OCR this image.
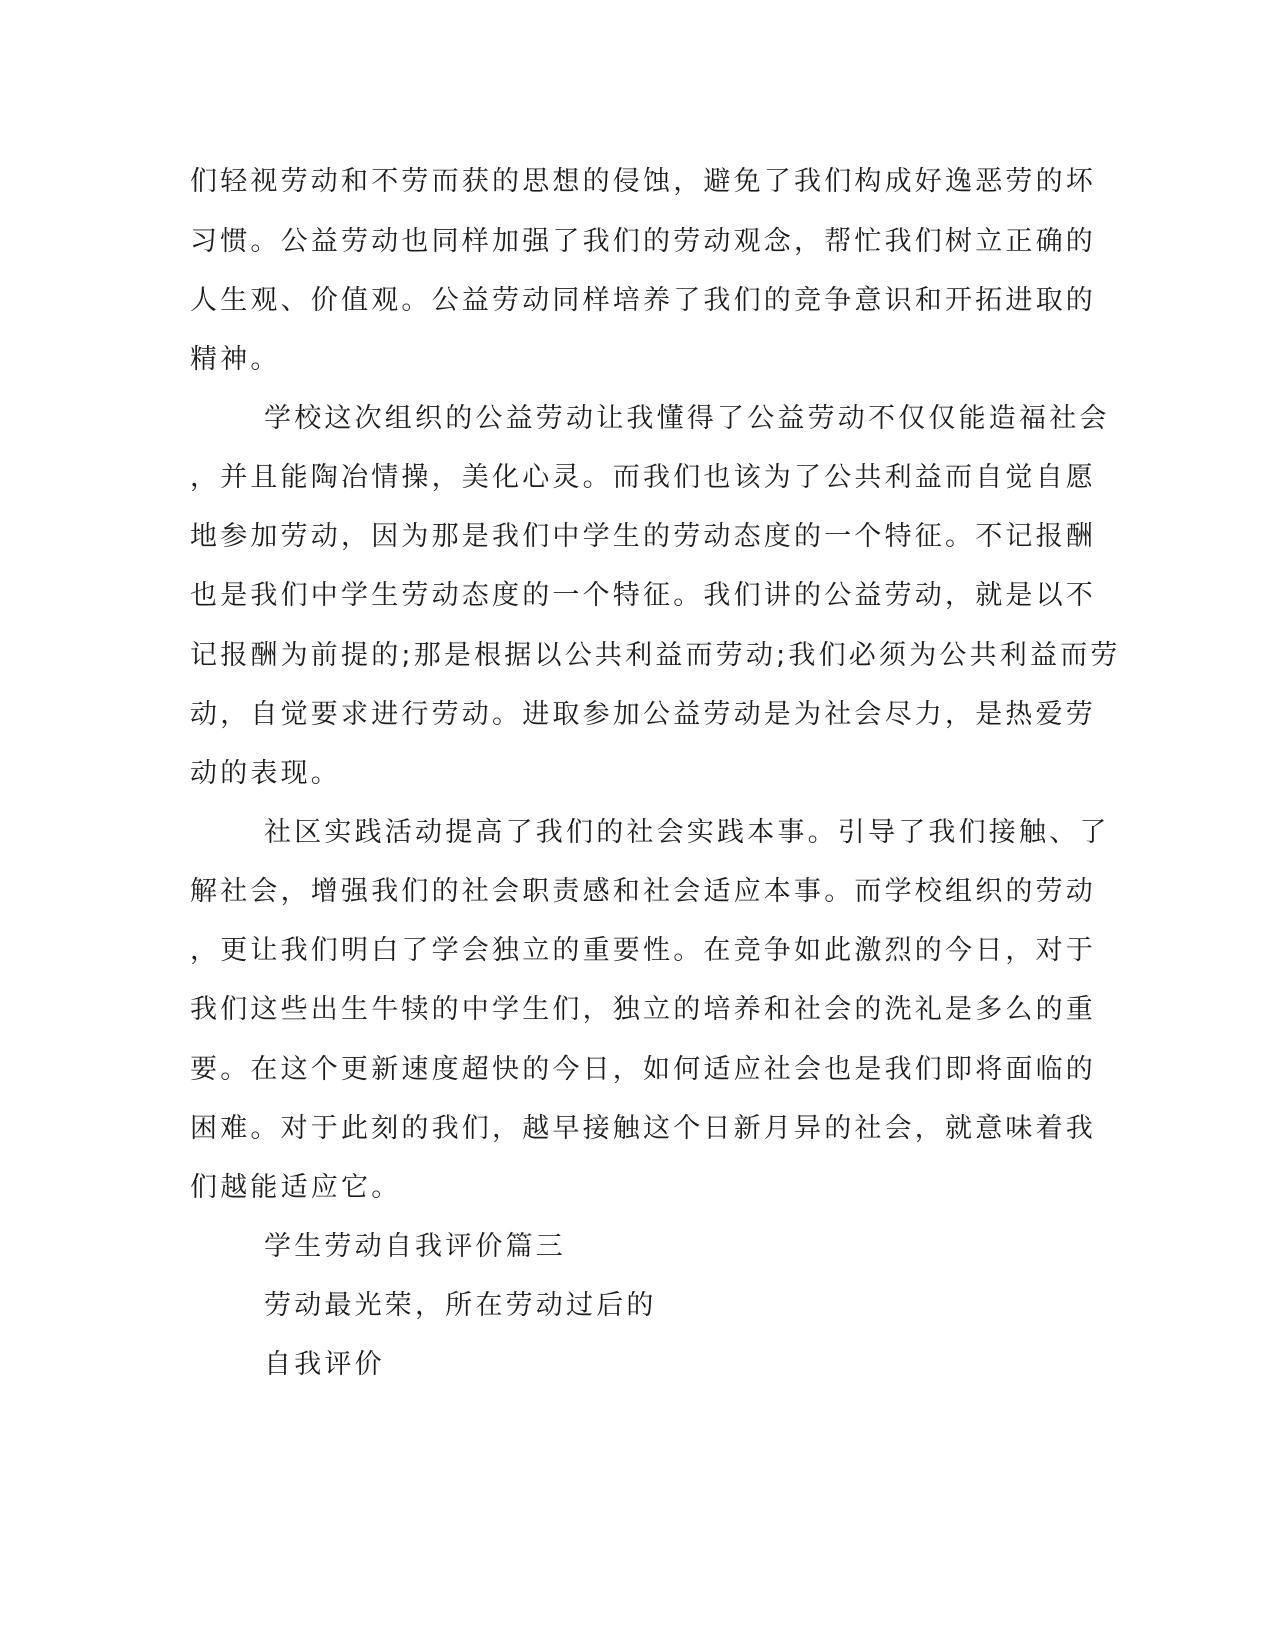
们轻视劳动和不劳而获的思想的侵蚀，避免了我们构成好逸恶劳的坏
习惯。公益劳动也同样加强了我们的劳动观念，帮忙我们树立正确的
人生观、价值观。公益劳动同样培养了我们的竞争意识和开拓进取的
精神。
学校这次组织的公益劳动让我懂得了公益劳动不仅仅能造福社会
，并且能陶冶情操，美化心灵。而我们也该为了公共利益而自觉自愿
地参加劳动，因为那是我们中学生的劳动态度的一个特征。不记报酬
也是我们中学生劳动态度的一个特征。我们讲的公益劳动，就是以不
记报酬为前提的;那是根据以公共利益而劳动;我们必须为公共利益而劳
动，自觉要求进行劳动。进取参加公益劳动是为社会尽力，是热爱劳
动的表现。
社区实践活动提高了我们的社会实践本事。引导了我们接触、了
解社会，增强我们的社会职责感和社会适应本事。而学校组织的劳动
，更让我们明白了学会独立的重要性。在竞争如此激烈的今日，对于
我们这些出生牛犊的中学生们，独立的培养和社会的洗礼是多么的重
要。在这个更新速度超快的今日，如何适应社会也是我们即将面临的
困难。对于此刻的我们，越早接触这个日新月异的社会，就意味着我
们越能适应它。
学生劳动自我评价篇三
劳动最光荣，所在劳动过后的
自我评价
